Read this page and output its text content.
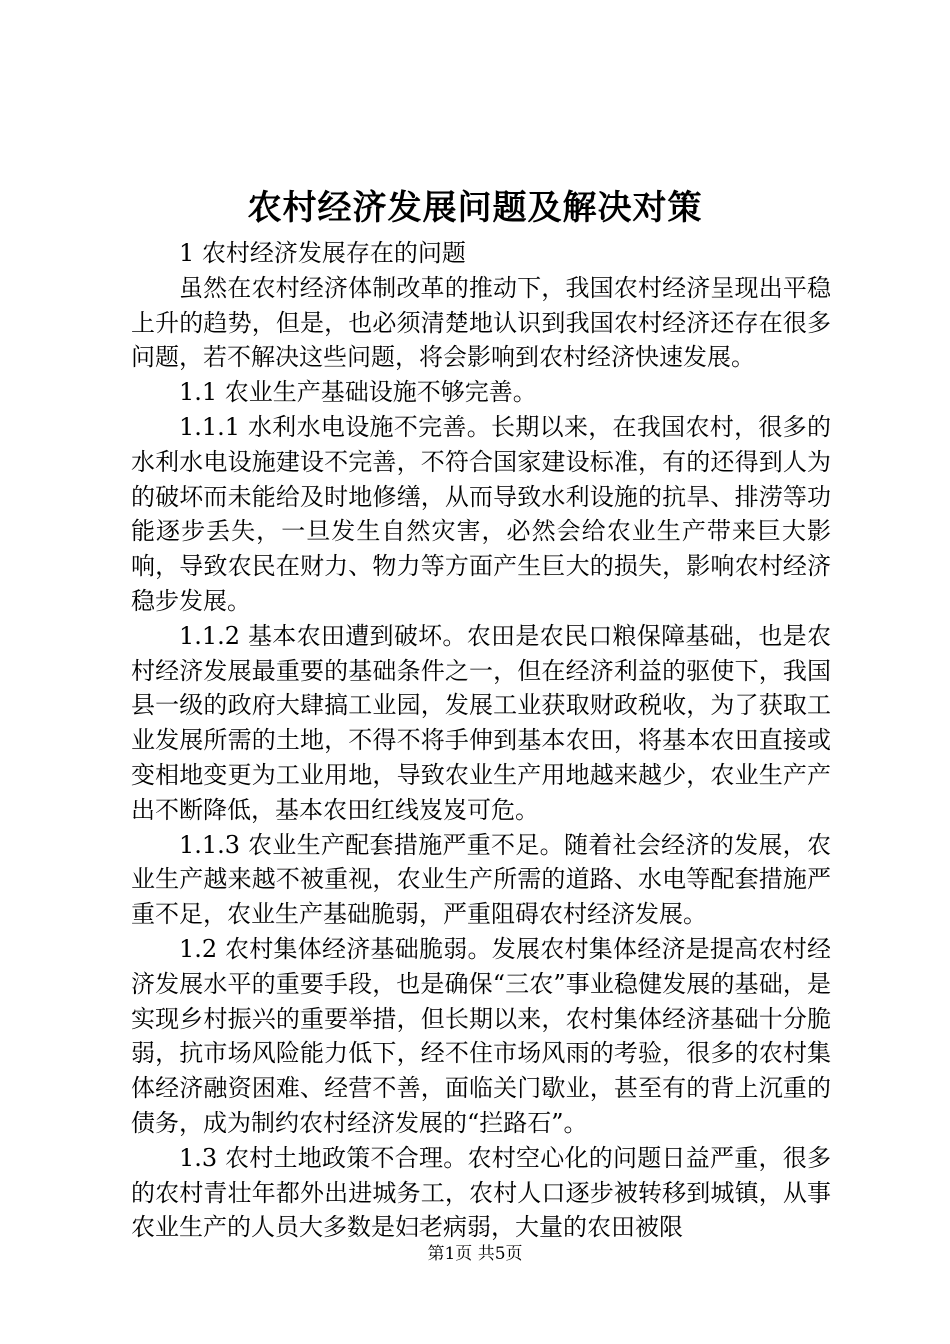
农村经济发展问题及解决对策

1 农村经济发展存在的问题

虽然在农村经济体制改革的推动下，我国农村经济呈现出平稳上升的趋势，但是，也必须清楚地认识到我国农村经济还存在很多问题，若不解决这些问题，将会影响到农村经济快速发展。

1.1 农业生产基础设施不够完善。

1.1.1 水利水电设施不完善。长期以来，在我国农村，很多的水利水电设施建设不完善，不符合国家建设标准，有的还得到人为的破坏而未能给及时地修缮，从而导致水利设施的抗旱、排涝等功能逐步丢失，一旦发生自然灾害，必然会给农业生产带来巨大影响，导致农民在财力、物力等方面产生巨大的损失，影响农村经济稳步发展。

1.1.2 基本农田遭到破坏。农田是农民口粮保障基础，也是农村经济发展最重要的基础条件之一，但在经济利益的驱使下，我国县一级的政府大肆搞工业园，发展工业获取财政税收，为了获取工业发展所需的土地，不得不将手伸到基本农田，将基本农田直接或变相地变更为工业用地，导致农业生产用地越来越少，农业生产产出不断降低，基本农田红线岌岌可危。

1.1.3 农业生产配套措施严重不足。随着社会经济的发展，农业生产越来越不被重视，农业生产所需的道路、水电等配套措施严重不足，农业生产基础脆弱，严重阻碍农村经济发展。

1.2 农村集体经济基础脆弱。发展农村集体经济是提高农村经济发展水平的重要手段，也是确保“三农”事业稳健发展的基础，是实现乡村振兴的重要举措，但长期以来，农村集体经济基础十分脆弱，抗市场风险能力低下，经不住市场风雨的考验，很多的农村集体经济融资困难、经营不善，面临关门歇业，甚至有的背上沉重的债务，成为制约农村经济发展的“拦路石”。

1.3 农村土地政策不合理。农村空心化的问题日益严重，很多的农村青壮年都外出进城务工，农村人口逐步被转移到城镇，从事农业生产的人员大多数是妇老病弱，大量的农田被限

第1页 共5页
